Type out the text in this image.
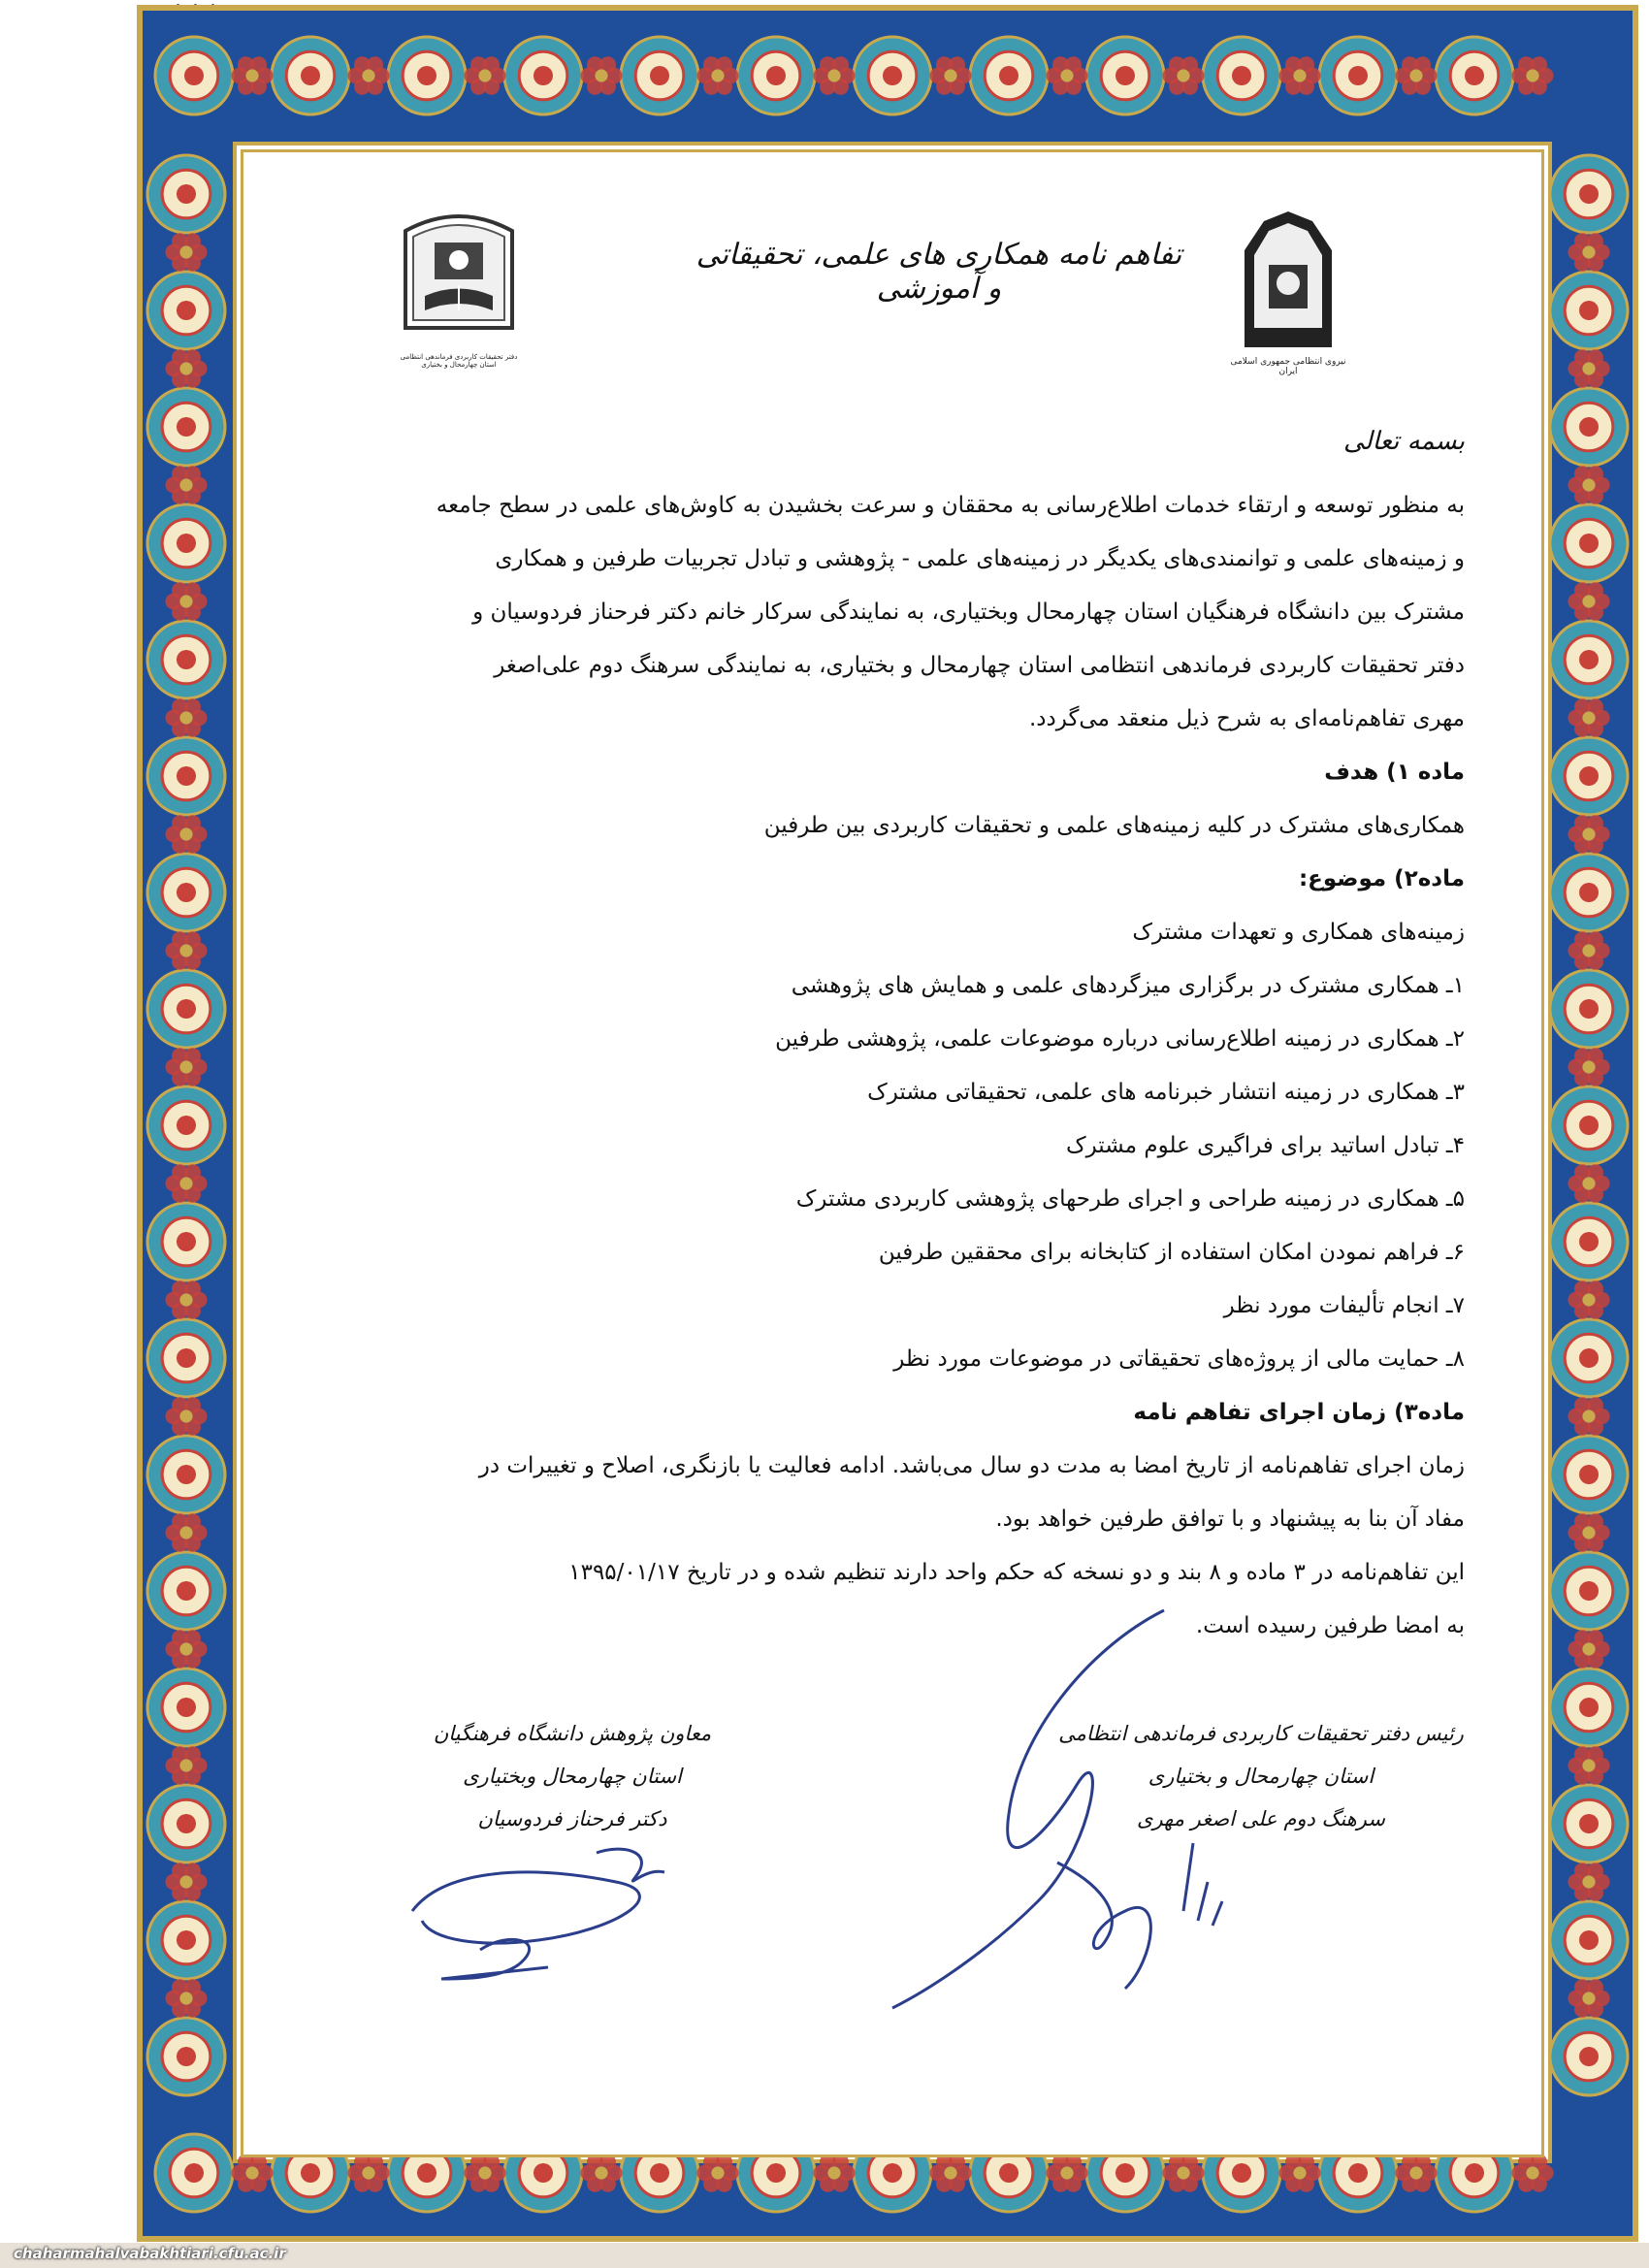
دفتر تحقیقات کاربردی فرماندهی انتظامی استان چهارمحال و بختیاری
تفاهم نامه همکاری های علمی، تحقیقاتی و آموزشی
نیروی انتظامی جمهوری اسلامی ایران

بسمه تعالی

به منظور توسعه و ارتقاء خدمات اطلاع‌رسانی به محققان و سرعت بخشیدن به کاوش‌های علمی در سطح جامعه

و زمینه‌های علمی و توانمندی‌های یکدیگر در زمینه‌های علمی - پژوهشی و تبادل تجربیات طرفین و همکاری

مشترک بین دانشگاه فرهنگیان استان چهارمحال وبختیاری، به نمایندگی سرکار خانم دکتر فرحناز فردوسیان و

دفتر تحقیقات کاربردی فرماندهی انتظامی استان چهارمحال و بختیاری، به نمایندگی سرهنگ دوم علی‌اصغر

مهری تفاهم‌نامه‌ای به شرح ذیل منعقد می‌گردد.

ماده ۱) هدف

همکاری‌های مشترک در کلیه زمینه‌های علمی و تحقیقات کاربردی بین طرفین

ماده۲) موضوع:

زمینه‌های همکاری و تعهدات مشترک

۱ـ همکاری مشترک در برگزاری میزگردهای علمی و همایش های پژوهشی

۲ـ همکاری در زمینه اطلاع‌رسانی درباره موضوعات علمی، پژوهشی طرفین

۳ـ همکاری در زمینه انتشار خبرنامه های علمی، تحقیقاتی مشترک

۴ـ تبادل اساتید برای فراگیری علوم مشترک

۵ـ همکاری در زمینه طراحی و اجرای طرحهای پژوهشی کاربردی مشترک

۶ـ فراهم نمودن امکان استفاده از کتابخانه برای محققین طرفین

۷ـ انجام تألیفات مورد نظر

۸ـ حمایت مالی از پروژه‌های تحقیقاتی در موضوعات مورد نظر

ماده۳) زمان اجرای تفاهم نامه

زمان اجرای تفاهم‌نامه از تاریخ امضا به مدت دو سال می‌باشد. ادامه فعالیت یا بازنگری، اصلاح و تغییرات در

مفاد آن بنا به پیشنهاد و با توافق طرفین خواهد بود.

این تفاهم‌نامه در ۳ ماده و ۸ بند و دو نسخه که حکم واحد دارند تنظیم شده و در تاریخ ۱۳۹۵/۰۱/۱۷

به امضا طرفین رسیده است.

رئیس دفتر تحقیقات کاربردی فرماندهی انتظامی
استان چهارمحال و بختیاری
سرهنگ دوم علی اصغر مهری
معاون پژوهش دانشگاه فرهنگیان
استان چهارمحال وبختیاری
دکتر فرحناز فردوسیان
chaharmahalvabakhtiari.cfu.ac.ir
